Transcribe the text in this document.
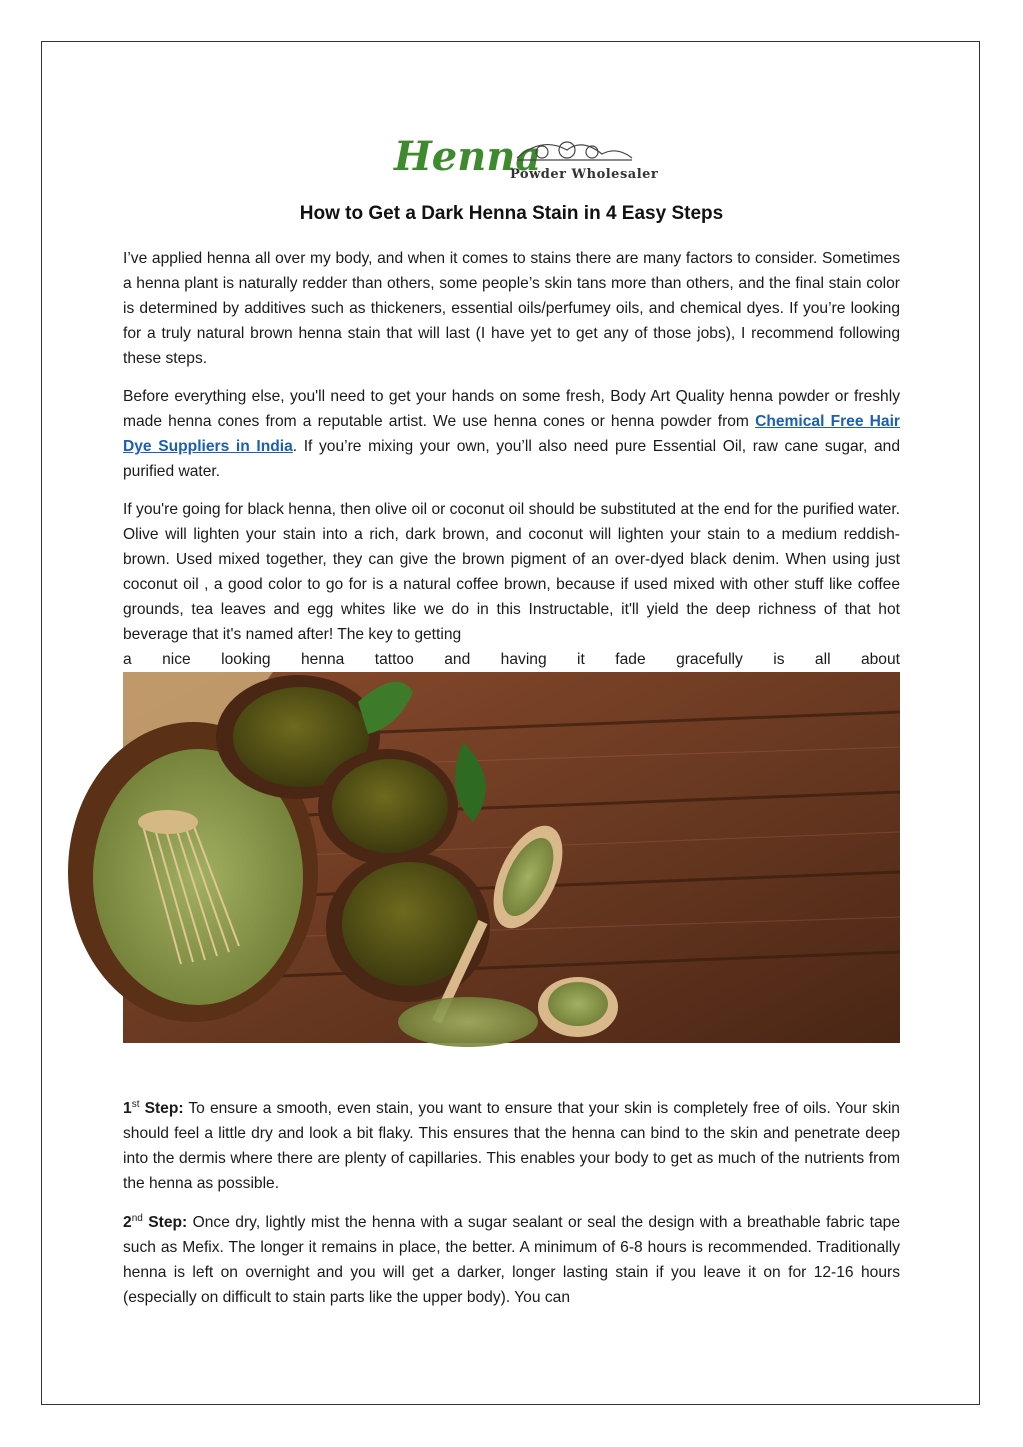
Henna
Powder Wholesaler
How to Get a Dark Henna Stain in 4 Easy Steps

I’ve applied henna all over my body, and when it comes to stains there are many factors to consider. Sometimes a henna plant is naturally redder than others, some people’s skin tans more than others, and the final stain color is determined by additives such as thickeners, essential oils/perfumey oils, and chemical dyes. If you’re looking for a truly natural brown henna stain that will last (I have yet to get any of those jobs), I recommend following these steps.

Before everything else, you'll need to get your hands on some fresh, Body Art Quality henna powder or freshly made henna cones from a reputable artist. We use henna cones or henna powder from Chemical Free Hair Dye Suppliers in India. If you’re mixing your own, you’ll also need pure Essential Oil, raw cane sugar, and purified water.

If you're going for black henna, then olive oil or coconut oil should be substituted at the end for the purified water. Olive will lighten your stain into a rich, dark brown, and coconut will lighten your stain to a medium reddish-brown. Used mixed together, they can give the brown pigment of an over-dyed black denim. When using just coconut oil , a good color to go for is a natural coffee brown, because if used mixed with other stuff like coffee grounds, tea leaves and egg whites like we do in this Instructable, it'll yield the deep richness of that hot beverage that it's named after! The key to getting
a nice looking henna tattoo and having it fade gracefully is all about

1st Step: To ensure a smooth, even stain, you want to ensure that your skin is completely free of oils. Your skin should feel a little dry and look a bit flaky. This ensures that the henna can bind to the skin and penetrate deep into the dermis where there are plenty of capillaries. This enables your body to get as much of the nutrients from the henna as possible.

2nd Step: Once dry, lightly mist the henna with a sugar sealant or seal the design with a breathable fabric tape such as Mefix. The longer it remains in place, the better. A minimum of 6-8 hours is recommended. Traditionally henna is left on overnight and you will get a darker, longer lasting stain if you leave it on for 12-16 hours (especially on difficult to stain parts like the upper body). You can
